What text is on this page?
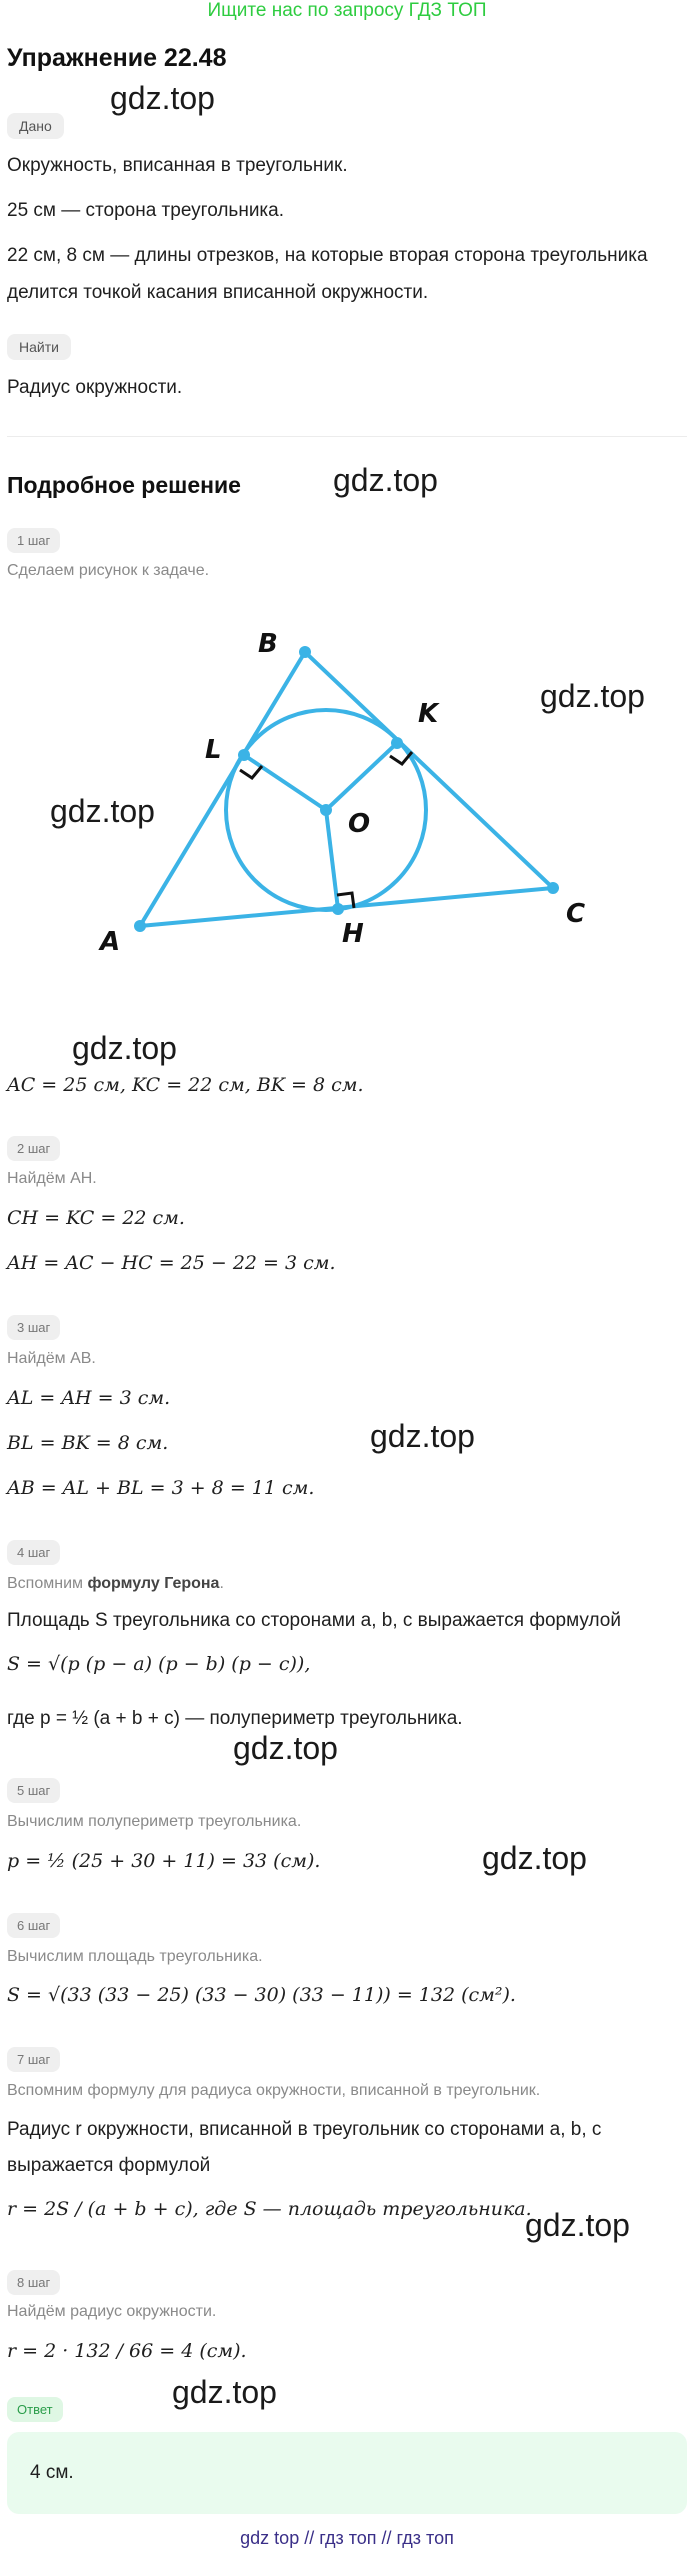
Ищите нас по запросу ГДЗ ТОП
Упражнение 22.48
gdz.top
Дано
Окружность, вписанная в треугольник.
25 см — сторона треугольника.
22 см, 8 см — длины отрезков, на которые вторая сторона треугольника
делится точкой касания вписанной окружности.
Найти
Радиус окружности.
Подробное решение	gdz.top
1 шаг
Сделаем рисунок к задаче.
B
K
L
O
C
A	H
gdz.top
gdz.top
gdz.top
AC = 25 см, KC = 22 см, BK = 8 см.
2 шаг
Найдём AH.
CH = KC = 22 см.
AH = AC − HC = 25 − 22 = 3 см.
3 шаг
Найдём AB.
AL = AH = 3 см.
BL = BK = 8 см.	gdz.top
AB = AL + BL = 3 + 8 = 11 см.
4 шаг
Вспомним формулу Герона.
Площадь S треугольника со сторонами a, b, c выражается формулой
S = √(p (p − a) (p − b) (p − c)),
где p = ½ (a + b + c) — полупериметр треугольника.
gdz.top
5 шаг
Вычислим полупериметр треугольника.
p = ½ (25 + 30 + 11) = 33 (см).	gdz.top
6 шаг
Вычислим площадь треугольника.
S = √(33 (33 − 25) (33 − 30) (33 − 11)) = 132 (см²).
7 шаг
Вспомним формулу для радиуса окружности, вписанной в треугольник.
Радиус r окружности, вписанной в треугольник со сторонами a, b, c
выражается формулой
r = 2S / (a + b + c), где S — площадь треугольника.
gdz.top
8 шаг
Найдём радиус окружности.
r = 2 · 132 / 66 = 4 (см).
gdz.top
Ответ
4 см.
gdz top // гдз топ // гдз топ
